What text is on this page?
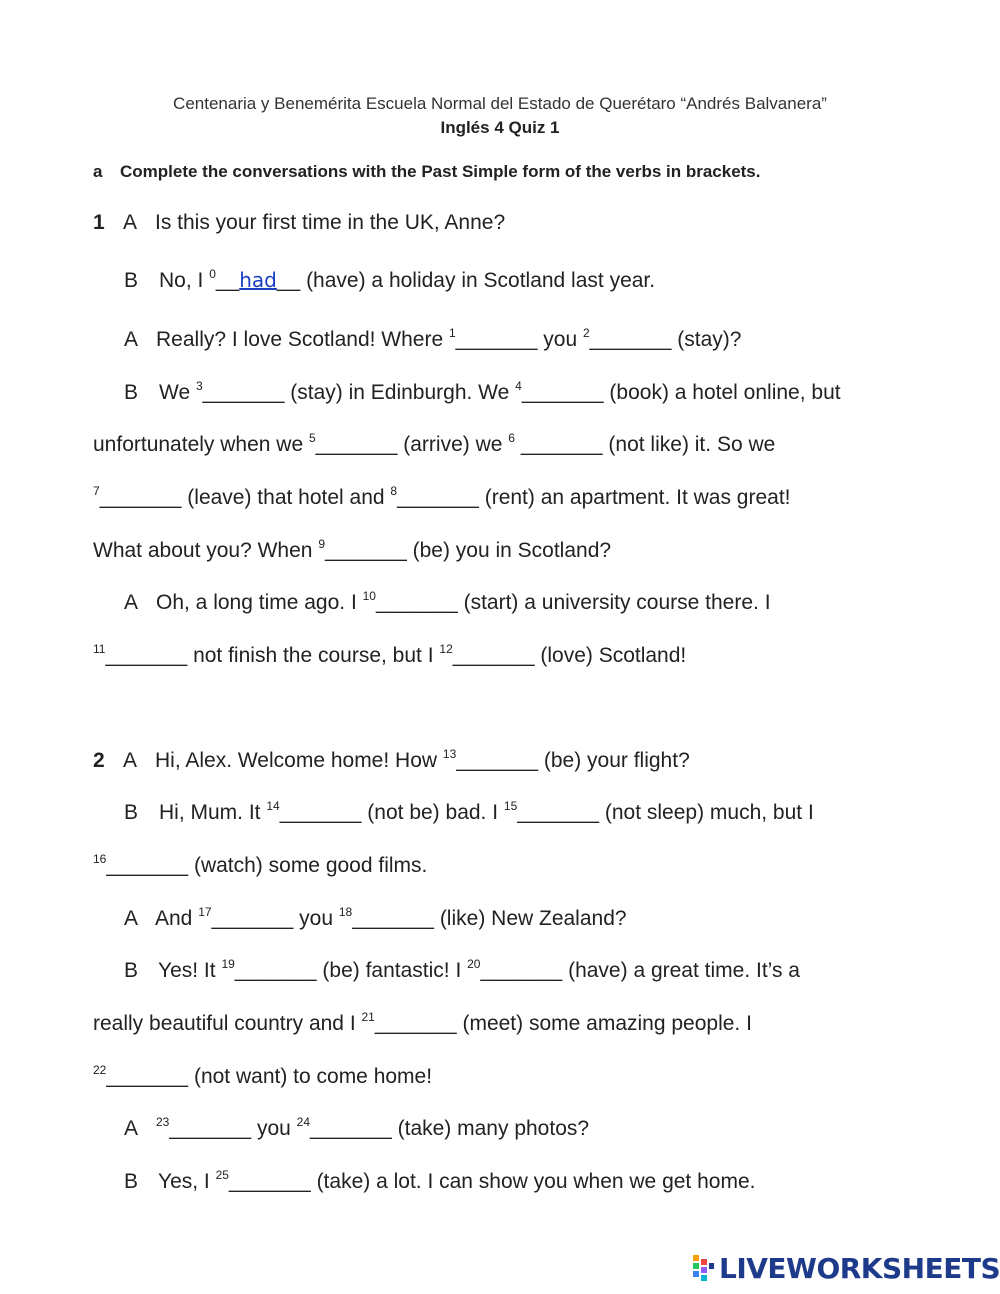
Centenaria y Benemérita Escuela Normal del Estado de Querétaro “Andrés Balvanera”
Inglés 4 Quiz 1
a Complete the conversations with the Past Simple form of the verbs in brackets.
1 A Is this your first time in the UK, Anne?
B No, I $^0$__had__ (have) a holiday in Scotland last year.
A Really? I love Scotland! Where $^1$_______ you $^2$_______ (stay)?
B We $^3$_______ (stay) in Edinburgh. We $^4$_______ (book) a hotel online, but
unfortunately when we $^5$_______ (arrive) we $^6$ _______ (not like) it. So we
$^7$_______ (leave) that hotel and $^8$_______ (rent) an apartment. It was great!
What about you? When $^9$_______ (be) you in Scotland?
A Oh, a long time ago. I $^{10}$_______ (start) a university course there. I
$^{11}$_______ not finish the course, but I $^{12}$_______ (love) Scotland!
2 A Hi, Alex. Welcome home! How $^{13}$_______ (be) your flight?
B Hi, Mum. It $^{14}$_______ (not be) bad. I $^{15}$_______ (not sleep) much, but I
$^{16}$_______ (watch) some good films.
A And $^{17}$_______ you $^{18}$_______ (like) New Zealand?
B Yes! It $^{19}$_______ (be) fantastic! I $^{20}$_______ (have) a great time. It’s a
really beautiful country and I $^{21}$_______ (meet) some amazing people. I
$^{22}$_______ (not want) to come home!
A $^{23}$_______ you $^{24}$_______ (take) many photos?
B Yes, I $^{25}$_______ (take) a lot. I can show you when we get home.
LIVEWORKSHEETS
